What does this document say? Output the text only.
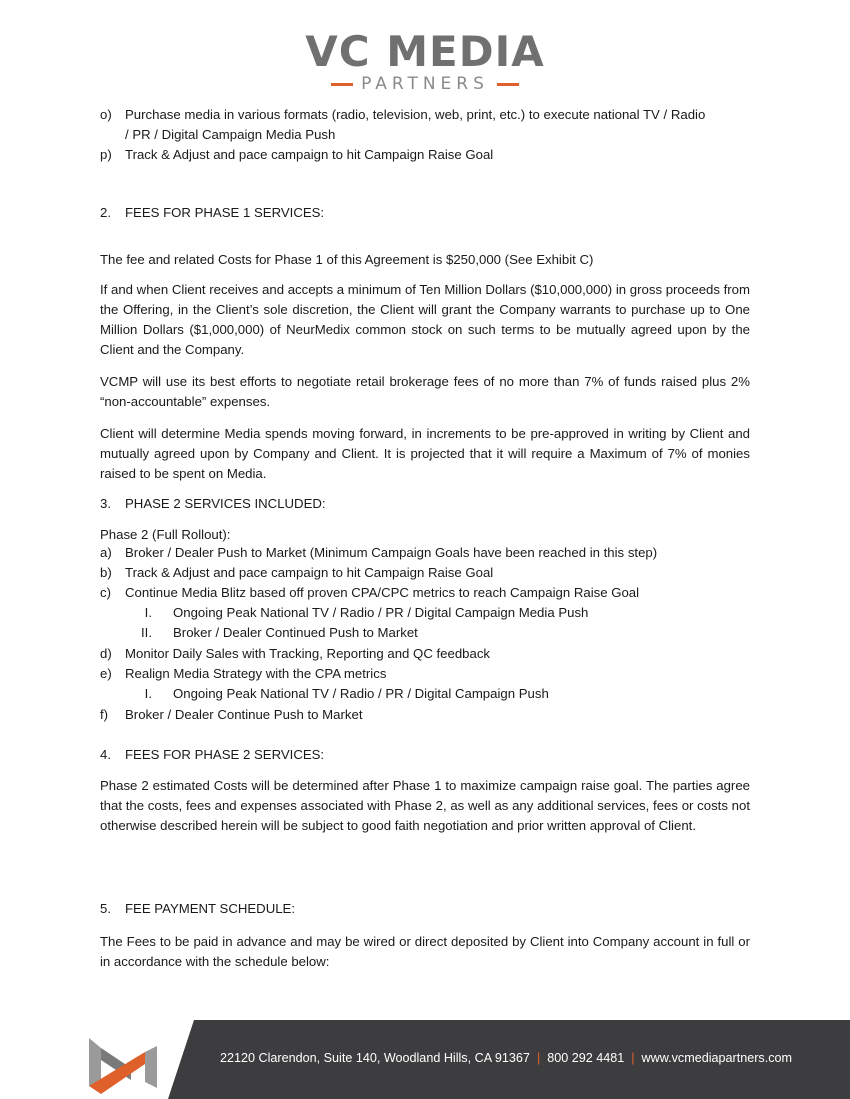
VC MEDIA
PARTNERS
o) Purchase media in various formats (radio, television, web, print, etc.) to execute national TV / Radio
/ PR / Digital Campaign Media Push
p) Track & Adjust and pace campaign to hit Campaign Raise Goal
2. FEES FOR PHASE 1 SERVICES:
The fee and related Costs for Phase 1 of this Agreement is $250,000 (See Exhibit C)
If and when Client receives and accepts a minimum of Ten Million Dollars ($10,000,000) in gross proceeds from the Offering, in the Client’s sole discretion, the Client will grant the Company warrants to purchase up to One Million Dollars ($1,000,000) of NeurMedix common stock on such terms to be mutually agreed upon by the Client and the Company.
VCMP will use its best efforts to negotiate retail brokerage fees of no more than 7% of funds raised plus 2% “non-accountable” expenses.
Client will determine Media spends moving forward, in increments to be pre-approved in writing by Client and mutually agreed upon by Company and Client. It is projected that it will require a Maximum of 7% of monies raised to be spent on Media.
3. PHASE 2 SERVICES INCLUDED:
Phase 2 (Full Rollout):
a) Broker / Dealer Push to Market (Minimum Campaign Goals have been reached in this step)
b) Track & Adjust and pace campaign to hit Campaign Raise Goal
c) Continue Media Blitz based off proven CPA/CPC metrics to reach Campaign Raise Goal
I. Ongoing Peak National TV / Radio / PR / Digital Campaign Media Push
II. Broker / Dealer Continued Push to Market
d) Monitor Daily Sales with Tracking, Reporting and QC feedback
e) Realign Media Strategy with the CPA metrics
I. Ongoing Peak National TV / Radio / PR / Digital Campaign Push
f) Broker / Dealer Continue Push to Market
4. FEES FOR PHASE 2 SERVICES:
Phase 2 estimated Costs will be determined after Phase 1 to maximize campaign raise goal. The parties agree that the costs, fees and expenses associated with Phase 2, as well as any additional services, fees or costs not otherwise described herein will be subject to good faith negotiation and prior written approval of Client.
5. FEE PAYMENT SCHEDULE:
The Fees to be paid in advance and may be wired or direct deposited by Client into Company account in full or in accordance with the schedule below:
22120 Clarendon, Suite 140, Woodland Hills, CA 91367 | 800 292 4481 | www.vcmediapartners.com
